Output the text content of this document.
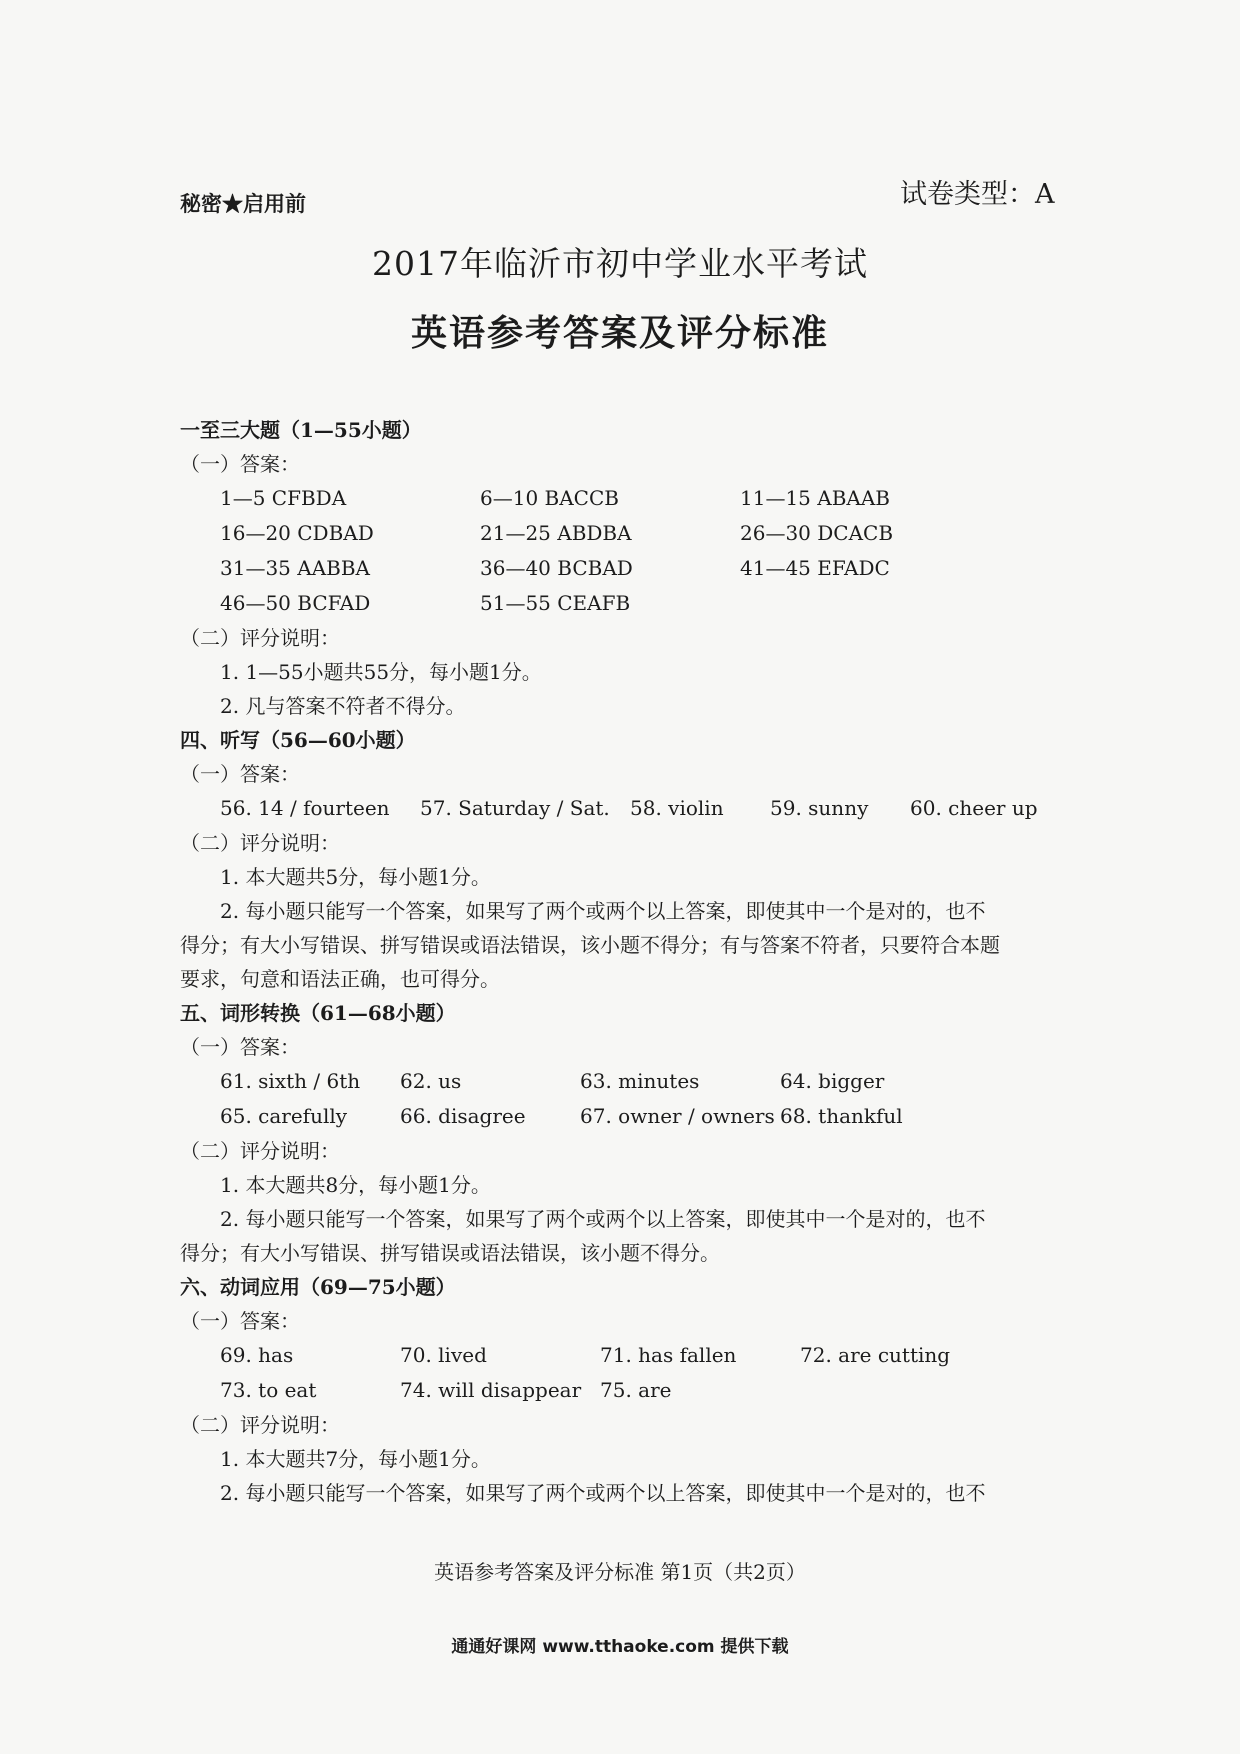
秘密★启用前	试卷类型：A
2017年临沂市初中学业水平考试
英语参考答案及评分标准
一至三大题（1—55小题）
（一）答案：
1—5 CFBDA	6—10 BACCB	11—15 ABAAB
16—20 CDBAD	21—25 ABDBA	26—30 DCACB
31—35 AABBA	36—40 BCBAD	41—45 EFADC
46—50 BCFAD	51—55 CEAFB
（二）评分说明：
1. 1—55小题共55分，每小题1分。
2. 凡与答案不符者不得分。
四、听写（56—60小题）
（一）答案：
56. 14 / fourteen 57. Saturday / Sat. 58. violin 59. sunny 60. cheer up
（二）评分说明：
1. 本大题共5分，每小题1分。
2. 每小题只能写一个答案，如果写了两个或两个以上答案，即使其中一个是对的，也不
得分；有大小写错误、拼写错误或语法错误，该小题不得分；有与答案不符者，只要符合本题
要求，句意和语法正确，也可得分。
五、词形转换（61—68小题）
（一）答案：
61. sixth / 6th 62. us	63. minutes	64. bigger
65. carefully	66. disagree	67. owner / owners 68. thankful
（二）评分说明：
1. 本大题共8分，每小题1分。
2. 每小题只能写一个答案，如果写了两个或两个以上答案，即使其中一个是对的，也不
得分；有大小写错误、拼写错误或语法错误，该小题不得分。
六、动词应用（69—75小题）
（一）答案：
69. has	70. lived	71. has fallen	72. are cutting
73. to eat	74. will disappear 75. are
（二）评分说明：
1. 本大题共7分，每小题1分。
2. 每小题只能写一个答案，如果写了两个或两个以上答案，即使其中一个是对的，也不
英语参考答案及评分标准 第1页（共2页）
通通好课网 www.tthaoke.com 提供下载
